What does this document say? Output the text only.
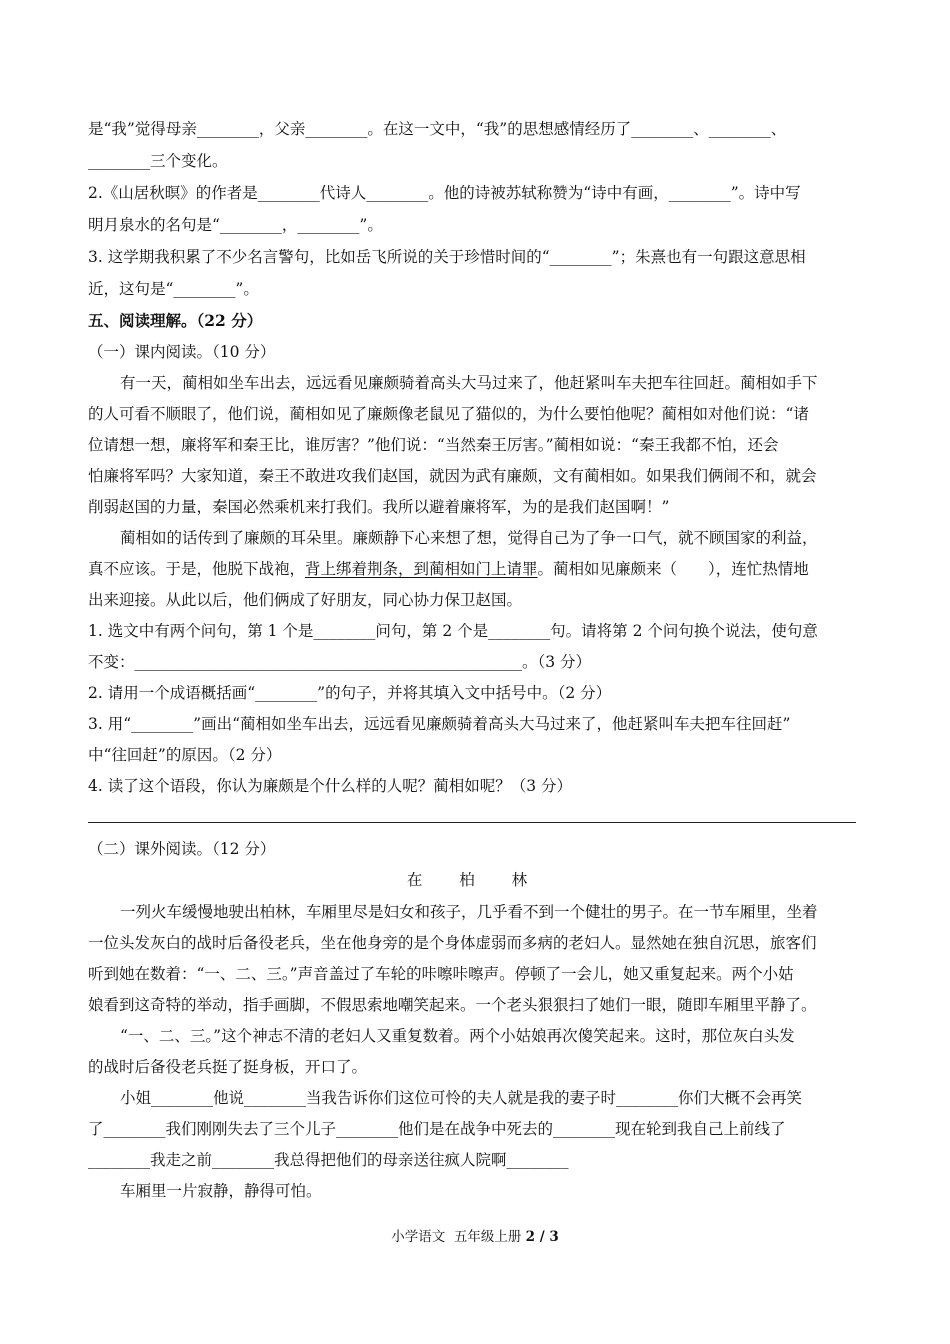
是“我”觉得母亲________，父亲________。在这一文中，“我”的思想感情经历了________、________、
________三个变化。
2.《山居秋暝》的作者是________代诗人________。他的诗被苏轼称赞为“诗中有画，________”。诗中写
明月泉水的名句是“________，________”。
3. 这学期我积累了不少名言警句，比如岳飞所说的关于珍惜时间的“________”；朱熹也有一句跟这意思相
近，这句是“________”。
五、阅读理解。（22 分）
（一）课内阅读。（10 分）
有一天，蔺相如坐车出去，远远看见廉颇骑着高头大马过来了，他赶紧叫车夫把车往回赶。蔺相如手下
的人可看不顺眼了，他们说，蔺相如见了廉颇像老鼠见了猫似的，为什么要怕他呢？蔺相如对他们说：“诸
位请想一想，廉将军和秦王比，谁厉害？”他们说：“当然秦王厉害。”蔺相如说：“秦王我都不怕，还会
怕廉将军吗？大家知道，秦王不敢进攻我们赵国，就因为武有廉颇，文有蔺相如。如果我们俩闹不和，就会
削弱赵国的力量，秦国必然乘机来打我们。我所以避着廉将军，为的是我们赵国啊！”
蔺相如的话传到了廉颇的耳朵里。廉颇静下心来想了想，觉得自己为了争一口气，就不顾国家的利益，
真不应该。于是，他脱下战袍，背上绑着荆条，到蔺相如门上请罪。蔺相如见廉颇来（　　），连忙热情地
出来迎接。从此以后，他们俩成了好朋友，同心协力保卫赵国。
1. 选文中有两个问句，第 1 个是________问句，第 2 个是________句。请将第 2 个问句换个说法，使句意
不变：__________________________________________________。（3 分）
2. 请用一个成语概括画“________”的句子，并将其填入文中括号中。（2 分）
3. 用“________”画出“蔺相如坐车出去，远远看见廉颇骑着高头大马过来了，他赶紧叫车夫把车往回赶”
中“往回赶”的原因。（2 分）
4. 读了这个语段，你认为廉颇是个什么样的人呢？蔺相如呢？（3 分）
（二）课外阅读。（12 分）
在 柏 林
一列火车缓慢地驶出柏林，车厢里尽是妇女和孩子，几乎看不到一个健壮的男子。在一节车厢里，坐着
一位头发灰白的战时后备役老兵，坐在他身旁的是个身体虚弱而多病的老妇人。显然她在独自沉思，旅客们
听到她在数着：“一、二、三。”声音盖过了车轮的咔嚓咔嚓声。停顿了一会儿，她又重复起来。两个小姑
娘看到这奇特的举动，指手画脚，不假思索地嘲笑起来。一个老头狠狠扫了她们一眼，随即车厢里平静了。
“一、二、三。”这个神志不清的老妇人又重复数着。两个小姑娘再次傻笑起来。这时，那位灰白头发
的战时后备役老兵挺了挺身板，开口了。
小姐________他说________当我告诉你们这位可怜的夫人就是我的妻子时________你们大概不会再笑
了________我们刚刚失去了三个儿子________他们是在战争中死去的________现在轮到我自己上前线了
________我走之前________我总得把他们的母亲送往疯人院啊________
车厢里一片寂静，静得可怕。
小学语文 五年级上册 2 / 3
